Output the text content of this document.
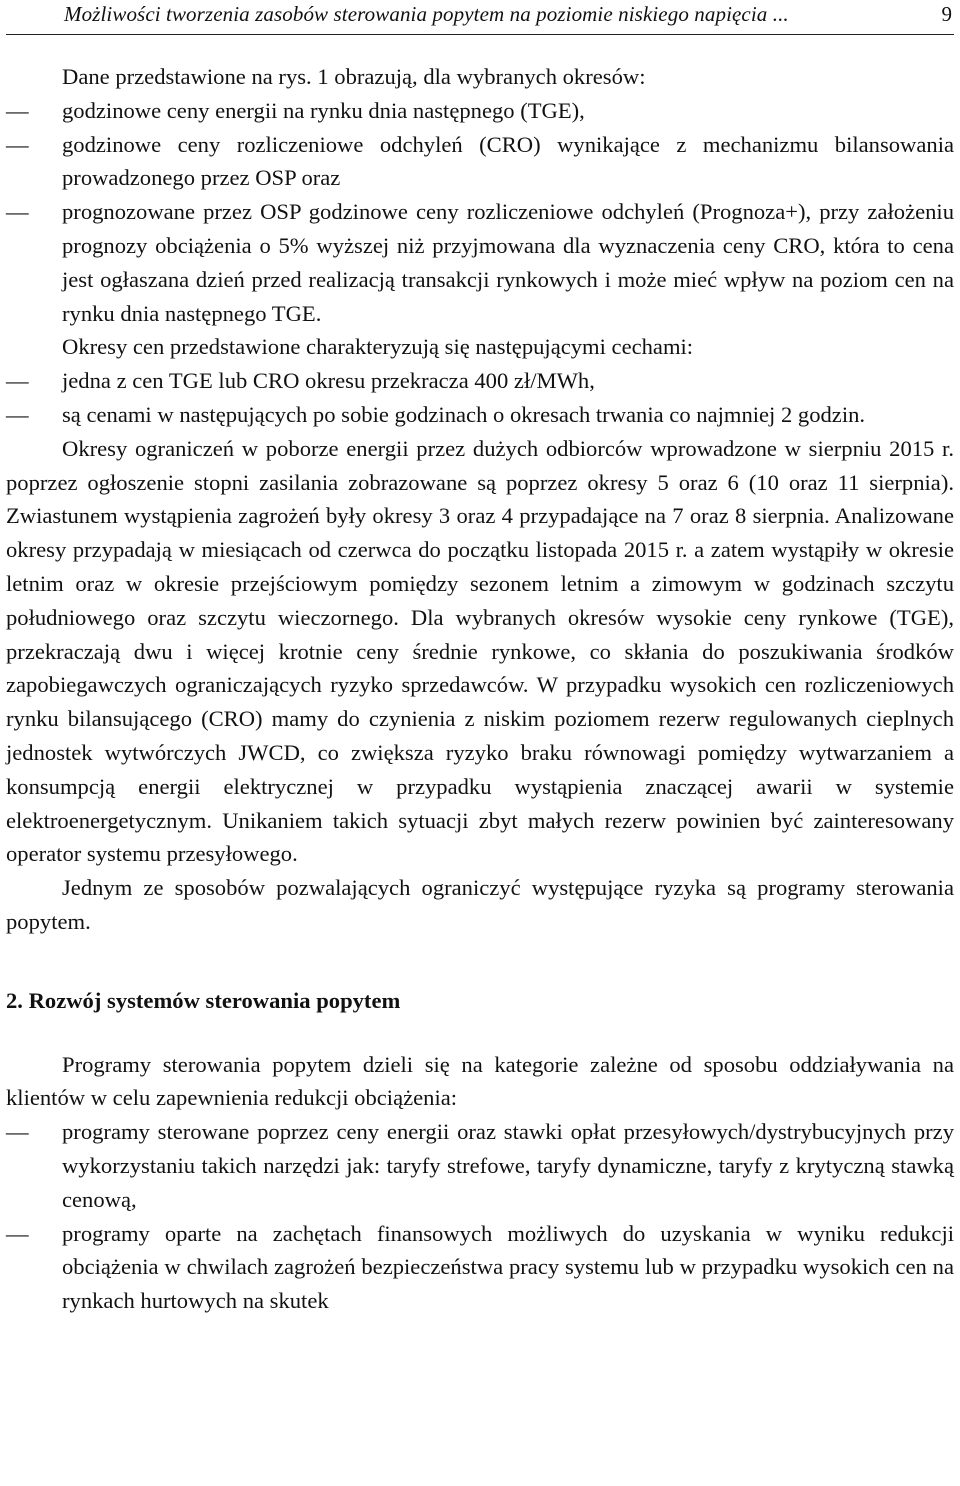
Możliwości tworzenia zasobów sterowania popytem na poziomie niskiego napięcia ...	9

Dane przedstawione na rys. 1 obrazują, dla wybranych okresów:

— godzinowe ceny energii na rynku dnia następnego (TGE),
— godzinowe ceny rozliczeniowe odchyleń (CRO) wynikające z mechanizmu bilansowania prowadzonego przez OSP oraz
— prognozowane przez OSP godzinowe ceny rozliczeniowe odchyleń (Prognoza+), przy założeniu prognozy obciążenia o 5% wyższej niż przyjmowana dla wyznaczenia ceny CRO, która to cena jest ogłaszana dzień przed realizacją transakcji rynkowych i może mieć wpływ na poziom cen na rynku dnia następnego TGE.

Okresy cen przedstawione charakteryzują się następującymi cechami:

— jedna z cen TGE lub CRO okresu przekracza 400 zł/MWh,
— są cenami w następujących po sobie godzinach o okresach trwania co najmniej 2 godzin.

Okresy ograniczeń w poborze energii przez dużych odbiorców wprowadzone w sierpniu 2015 r. poprzez ogłoszenie stopni zasilania zobrazowane są poprzez okresy 5 oraz 6 (10 oraz 11 sierpnia). Zwiastunem wystąpienia zagrożeń były okresy 3 oraz 4 przypadające na 7 oraz 8 sierpnia. Analizowane okresy przypadają w miesiącach od czerwca do początku listopada 2015 r. a zatem wystąpiły w okresie letnim oraz w okresie przejściowym pomiędzy sezonem letnim a zimowym w godzinach szczytu południowego oraz szczytu wieczornego. Dla wybranych okresów wysokie ceny rynkowe (TGE), przekraczają dwu i więcej krotnie ceny średnie rynkowe, co skłania do poszukiwania środków zapobiegawczych ograniczających ryzyko sprzedawców. W przypadku wysokich cen rozliczeniowych rynku bilansującego (CRO) mamy do czynienia z niskim poziomem rezerw regulowanych cieplnych jednostek wytwórczych JWCD, co zwiększa ryzyko braku równowagi pomiędzy wytwarzaniem a konsumpcją energii elektrycznej w przypadku wystąpienia znaczącej awarii w systemie elektroenergetycznym. Unikaniem takich sytuacji zbyt małych rezerw powinien być zainteresowany operator systemu przesyłowego.

Jednym ze sposobów pozwalających ograniczyć występujące ryzyka są programy sterowania popytem.

2. Rozwój systemów sterowania popytem

Programy sterowania popytem dzieli się na kategorie zależne od sposobu oddziaływania na klientów w celu zapewnienia redukcji obciążenia:

— programy sterowane poprzez ceny energii oraz stawki opłat przesyłowych/dystrybucyjnych przy wykorzystaniu takich narzędzi jak: taryfy strefowe, taryfy dynamiczne, taryfy z krytyczną stawką cenową,
— programy oparte na zachętach finansowych możliwych do uzyskania w wyniku redukcji obciążenia w chwilach zagrożeń bezpieczeństwa pracy systemu lub w przypadku wysokich cen na rynkach hurtowych na skutek
